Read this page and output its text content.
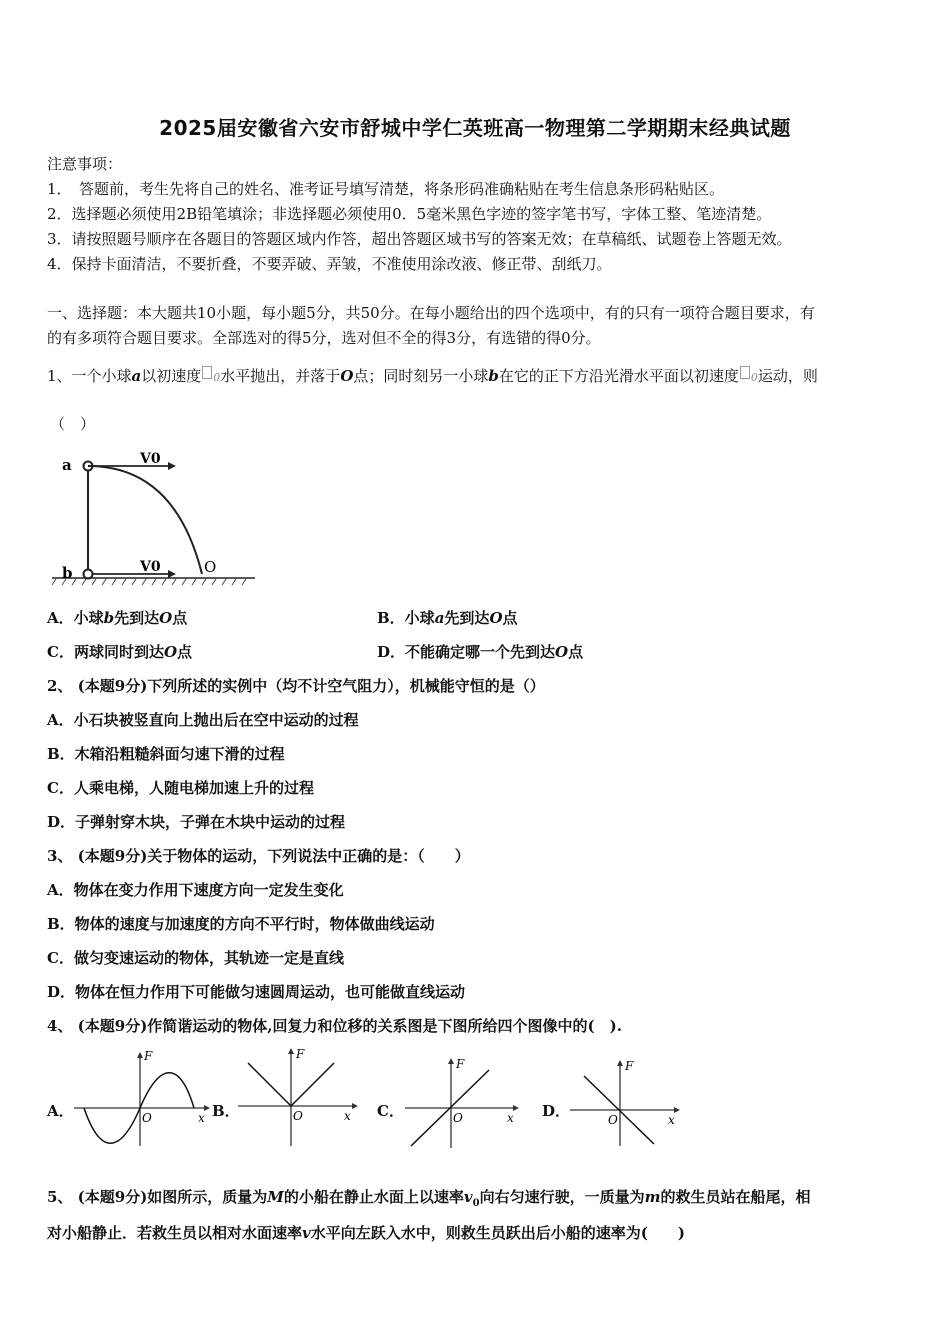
2025届安徽省六安市舒城中学仁英班高一物理第二学期期末经典试题
注意事项：
1．　答题前，考生先将自己的姓名、准考证号填写清楚，将条形码准确粘贴在考生信息条形码粘贴区。
2．选择题必须使用2B铅笔填涂；非选择题必须使用0．5毫米黑色字迹的签字笔书写，字体工整、笔迹清楚。
3．请按照题号顺序在各题目的答题区域内作答，超出答题区域书写的答案无效；在草稿纸、试题卷上答题无效。
4．保持卡面清洁，不要折叠，不要弄破、弄皱，不准使用涂改液、修正带、刮纸刀。
一、选择题：本大题共10小题，每小题5分，共50分。在每小题给出的四个选项中，有的只有一项符合题目要求，有
的有多项符合题目要求。全部选对的得5分，选对但不全的得3分，有选错的得0分。
1、一个小球a以初速度 0水平抛出，并落于O点；同时刻另一小球b在它的正下方沿光滑水平面以初速度 0运动，则
（　）
a
b
V0
V0	O
A．小球b先到达O点	B．小球a先到达O点
C．两球同时到达O点	D．不能确定哪一个先到达O点
2、 (本题9分)下列所述的实例中（均不计空气阻力），机械能守恒的是（）
A．小石块被竖直向上抛出后在空中运动的过程
B．木箱沿粗糙斜面匀速下滑的过程
C．人乘电梯，人随电梯加速上升的过程
D．子弹射穿木块，子弹在木块中运动的过程
3、 (本题9分)关于物体的运动，下列说法中正确的是：（　　）
A．物体在变力作用下速度方向一定发生变化
B．物体的速度与加速度的方向不平行时，物体做曲线运动
C．做匀变速运动的物体，其轨迹一定是直线
D．物体在恒力作用下可能做匀速圆周运动，也可能做直线运动
4、 (本题9分)作简谐运动的物体,回复力和位移的关系图是下图所给四个图像中的(　).
A．
F
O	x B．
F
O	x C．
F
O	x D．
F
O	x
5、 (本题9分)如图所示，质量为M的小船在静止水面上以速率$v_0$向右匀速行驶，一质量为m的救生员站在船尾，相
对小船静止．若救生员以相对水面速率v水平向左跃入水中，则救生员跃出后小船的速率为(　　)
